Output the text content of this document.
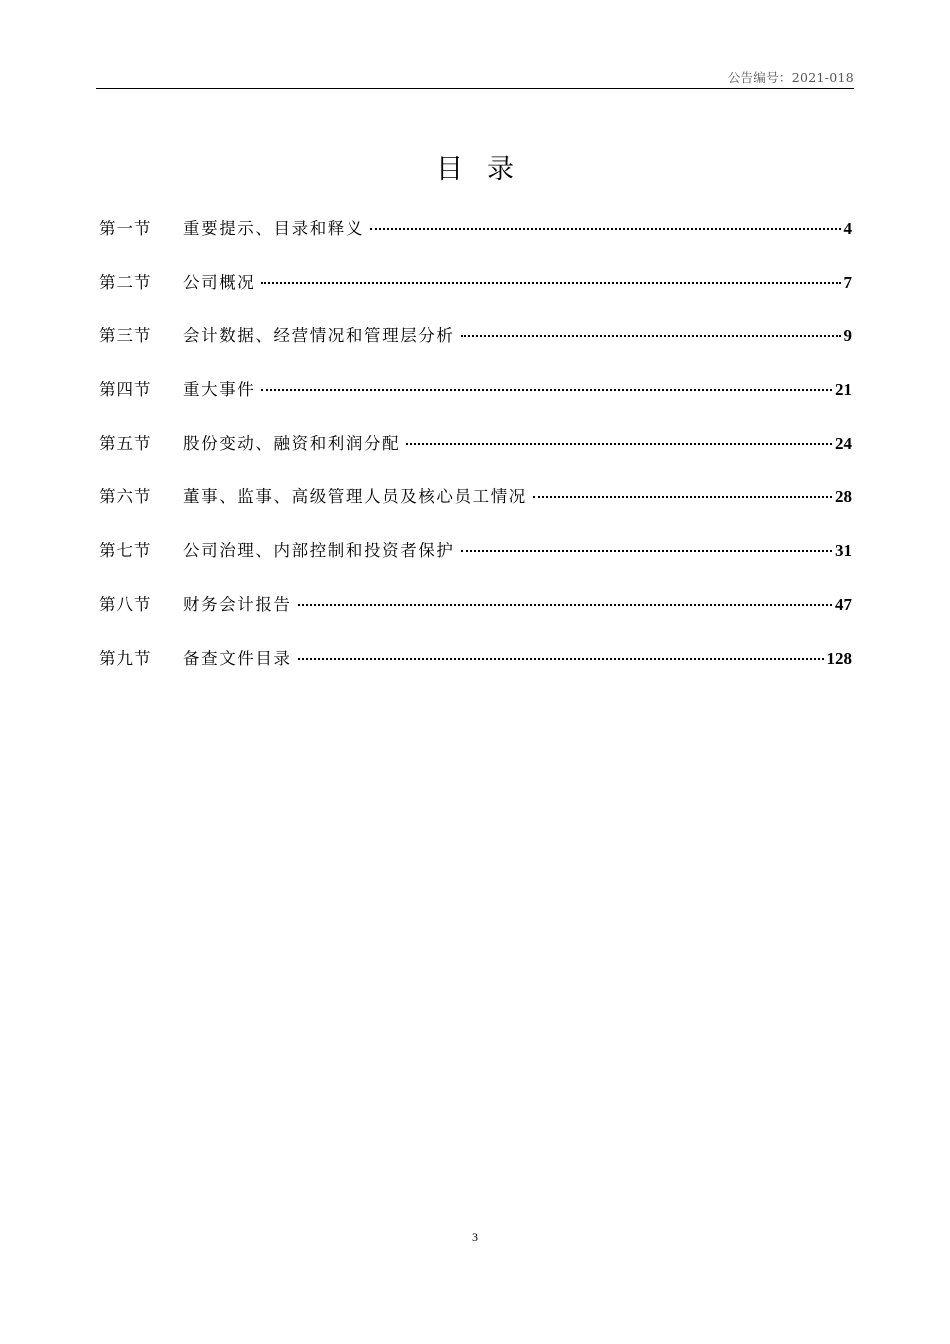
公告编号：2021-018
目录
第一节	重要提示、目录和释义	4
第二节	公司概况	7
第三节	会计数据、经营情况和管理层分析	9
第四节	重大事件	21
第五节	股份变动、融资和利润分配	24
第六节	董事、监事、高级管理人员及核心员工情况	28
第七节	公司治理、内部控制和投资者保护	31
第八节	财务会计报告	47
第九节	备查文件目录	128
3
